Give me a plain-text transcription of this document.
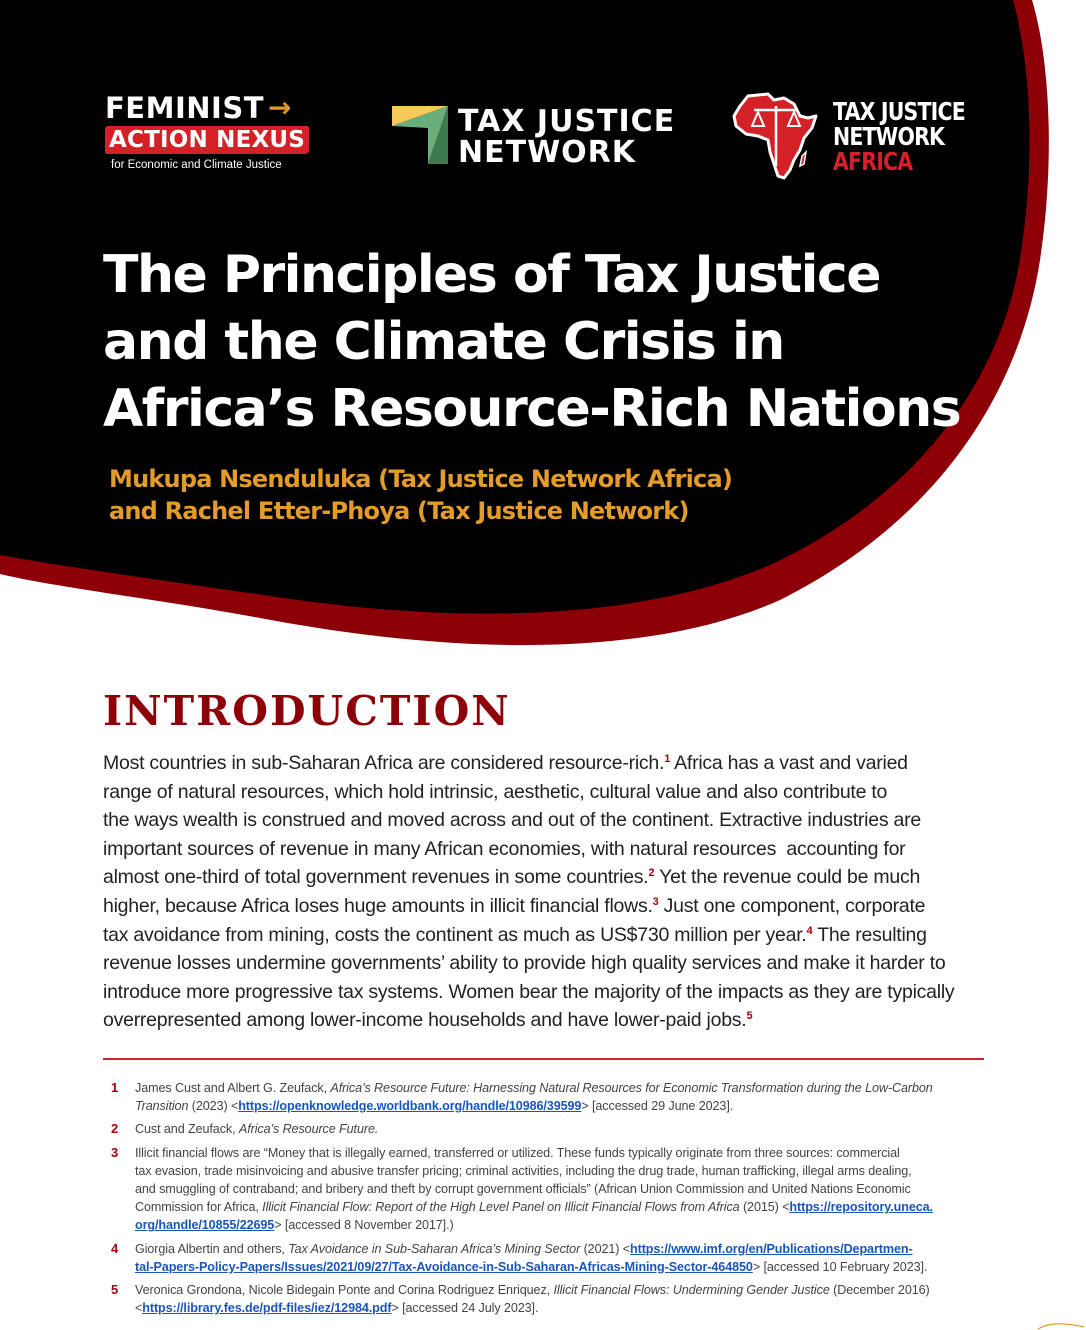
FEMINIST →
ACTION NEXUS
for Economic and Climate Justice
TAX JUSTICE
NETWORK
TAX JUSTICE
NETWORK
AFRICA
The Principles of Tax Justice
and the Climate Crisis in
Africa’s Resource-Rich Nations
Mukupa Nsenduluka (Tax Justice Network Africa)
and Rachel Etter-Phoya (Tax Justice Network)
INTRODUCTION
Most countries in sub-Saharan Africa are considered resource-rich.$^1$ Africa has a vast and varied
range of natural resources, which hold intrinsic, aesthetic, cultural value and also contribute to
the ways wealth is construed and moved across and out of the continent. Extractive industries are
important sources of revenue in many African economies, with natural resources  accounting for
almost one-third of total government revenues in some countries.$^2$ Yet the revenue could be much
higher, because Africa loses huge amounts in illicit financial flows.$^3$ Just one component, corporate
tax avoidance from mining, costs the continent as much as US$730 million per year.$^4$ The resulting
revenue losses undermine governments’ ability to provide high quality services and make it harder to
introduce more progressive tax systems. Women bear the majority of the impacts as they are typically
overrepresented among lower-income households and have lower-paid jobs.$^5$
1	James Cust and Albert G. Zeufack, Africa’s Resource Future: Harnessing Natural Resources for Economic Transformation during the Low-Carbon
Transition (2023) <https://openknowledge.worldbank.org/handle/10986/39599> [accessed 29 June 2023].
2	Cust and Zeufack, Africa’s Resource Future.
3	Illicit financial flows are “Money that is illegally earned, transferred or utilized. These funds typically originate from three sources: commercial
tax evasion, trade misinvoicing and abusive transfer pricing; criminal activities, including the drug trade, human trafficking, illegal arms dealing,
and smuggling of contraband; and bribery and theft by corrupt government officials” (African Union Commission and United Nations Economic
Commission for Africa, Illicit Financial Flow: Report of the High Level Panel on Illicit Financial Flows from Africa (2015) <https://repository.uneca.
org/handle/10855/22695> [accessed 8 November 2017].)
4	Giorgia Albertin and others, Tax Avoidance in Sub-Saharan Africa’s Mining Sector (2021) <https://www.imf.org/en/Publications/Departmen-
tal-Papers-Policy-Papers/Issues/2021/09/27/Tax-Avoidance-in-Sub-Saharan-Africas-Mining-Sector-464850> [accessed 10 February 2023].
5	Veronica Grondona, Nicole Bidegain Ponte and Corina Rodriguez Enriquez, Illicit Financial Flows: Undermining Gender Justice (December 2016)
<https://library.fes.de/pdf-files/iez/12984.pdf> [accessed 24 July 2023].
